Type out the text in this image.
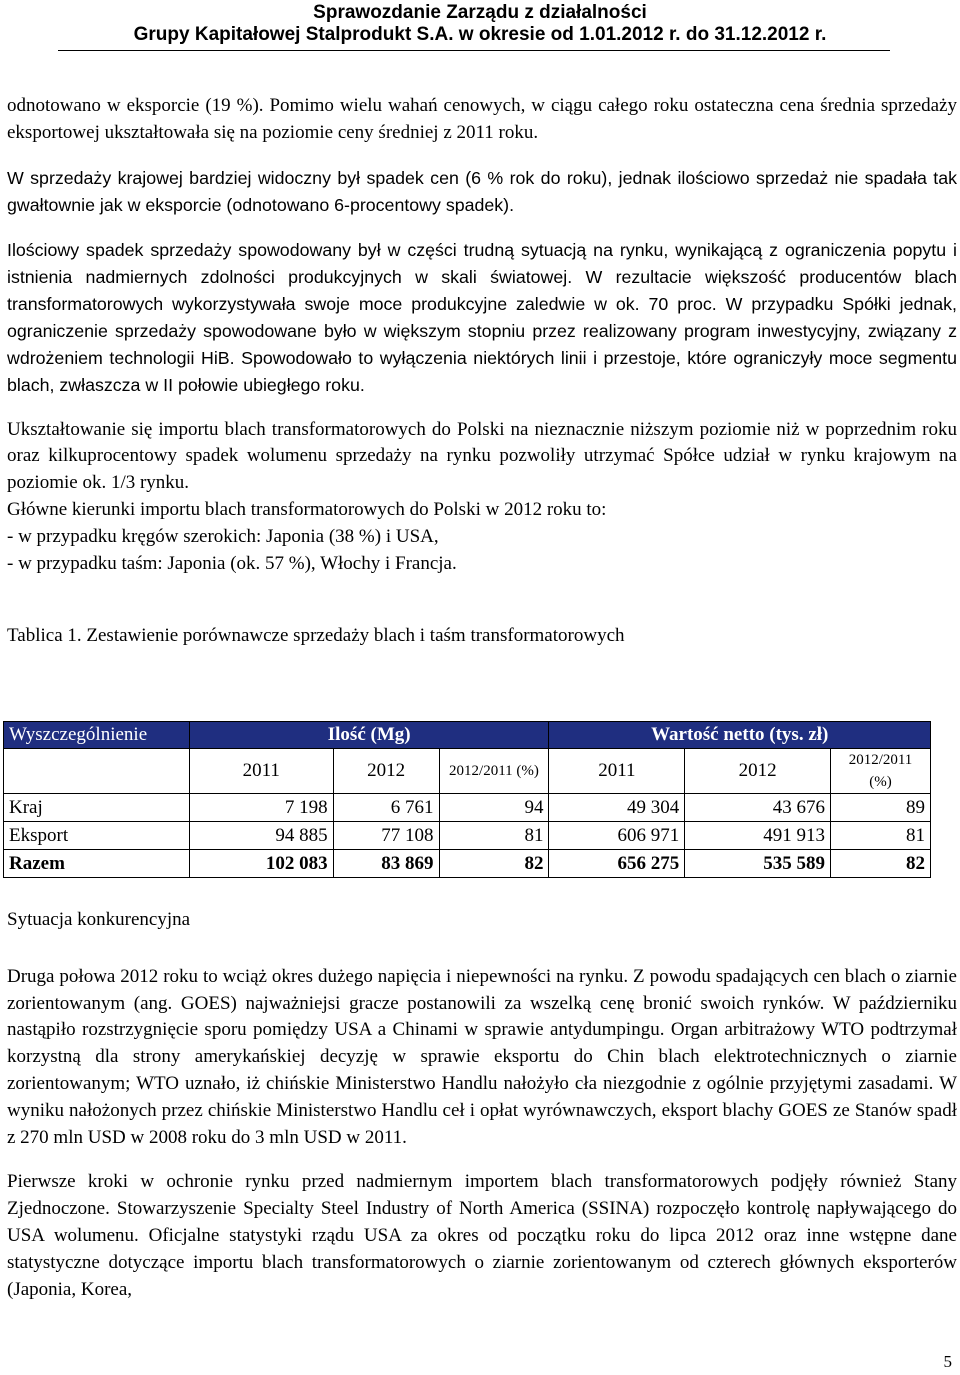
Sprawozdanie Zarządu z działalności
Grupy Kapitałowej Stalprodukt S.A. w okresie od 1.01.2012 r. do 31.12.2012 r.

odnotowano w eksporcie (19 %). Pomimo wielu wahań cenowych, w ciągu całego roku ostateczna cena średnia sprzedaży eksportowej ukształtowała się na poziomie ceny średniej z 2011 roku.

W sprzedaży krajowej bardziej widoczny był spadek cen (6 % rok do roku), jednak ilościowo sprzedaż nie spadała tak gwałtownie jak w eksporcie (odnotowano 6-procentowy spadek).

Ilościowy spadek sprzedaży spowodowany był w części trudną sytuacją na rynku, wynikającą z ograniczenia popytu i istnienia nadmiernych zdolności produkcyjnych w skali światowej. W rezultacie większość producentów blach transformatorowych wykorzystywała swoje moce produkcyjne zaledwie w ok. 70 proc. W przypadku Spółki jednak, ograniczenie sprzedaży spowodowane było w większym stopniu przez realizowany program inwestycyjny, związany z wdrożeniem technologii HiB. Spowodowało to wyłączenia niektórych linii i przestoje, które ograniczyły moce segmentu blach, zwłaszcza w II połowie ubiegłego roku.

Ukształtowanie się importu blach transformatorowych do Polski na nieznacznie niższym poziomie niż w poprzednim roku oraz kilkuprocentowy spadek wolumenu sprzedaży na rynku pozwoliły utrzymać Spółce udział w rynku krajowym na poziomie ok. 1/3 rynku.

Główne kierunki importu blach transformatorowych do Polski w 2012 roku to:

- w przypadku kręgów szerokich: Japonia (38 %) i USA,

- w przypadku taśm: Japonia (ok. 57 %), Włochy i Francja.

Tablica 1. Zestawienie porównawcze sprzedaży blach i taśm transformatorowych

Wyszczególnienie	Ilość (Mg)			Wartość netto (tys. zł)		
	2011	2012	2012/2011 (%)	2011	2012	2012/2011 (%)
Kraj	7 198	6 761	94	49 304	43 676	89
Eksport	94 885	77 108	81	606 971	491 913	81
Razem	102 083	83 869	82	656 275	535 589	82

Sytuacja konkurencyjna

Druga połowa 2012 roku to wciąż okres dużego napięcia i niepewności na rynku. Z powodu spadających cen blach o ziarnie zorientowanym (ang. GOES) najważniejsi gracze postanowili za wszelką cenę bronić swoich rynków. W październiku nastąpiło rozstrzygnięcie sporu pomiędzy USA a Chinami w sprawie antydumpingu. Organ arbitrażowy WTO podtrzymał korzystną dla strony amerykańskiej decyzję w sprawie eksportu do Chin blach elektrotechnicznych o ziarnie zorientowanym; WTO uznało, iż chińskie Ministerstwo Handlu nałożyło cła niezgodnie z ogólnie przyjętymi zasadami. W wyniku nałożonych przez chińskie Ministerstwo Handlu ceł i opłat wyrównawczych, eksport blachy GOES ze Stanów spadł z 270 mln USD w 2008 roku do 3 mln USD w 2011.

Pierwsze kroki w ochronie rynku przed nadmiernym importem blach transformatorowych podjęły również Stany Zjednoczone. Stowarzyszenie Specialty Steel Industry of North America (SSINA) rozpoczęło kontrolę napływającego do USA wolumenu. Oficjalne statystyki rządu USA za okres od początku roku do lipca 2012 oraz inne wstępne dane statystyczne dotyczące importu blach transformatorowych o ziarnie zorientowanym od czterech głównych eksporterów (Japonia, Korea,

5
